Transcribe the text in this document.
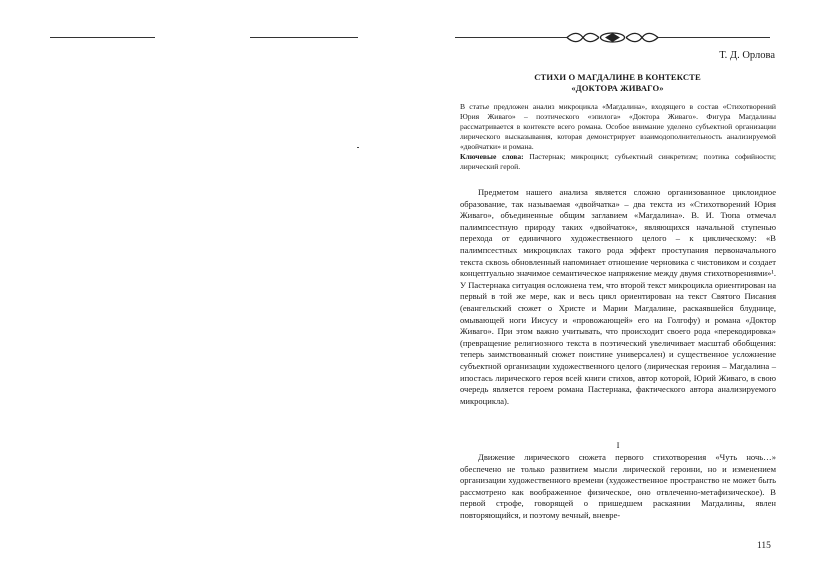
Т. Д. Орлова
СТИХИ О МАГДАЛИНЕ В КОНТЕКСТЕ
«ДОКТОРА ЖИВАГО»

В статье предложен анализ микроцикла «Магдалина», входящего в состав «Стихотворений Юрия Живаго» – поэтического «эпилога» «Доктора Живаго». Фигура Магдалины рассматривается в контексте всего романа. Особое внимание уделено субъектной организации лирического высказывания, которая демонстрирует взаимодополнительность анализируемой «двойчатки» и романа.

Ключевые слова: Пастернак; микроцикл; субъектный синкретизм; поэтика софийности; лирический герой.

Предметом нашего анализа является сложно организованное циклоидное образование, так называемая «двойчатка» – два текста из «Стихотворений Юрия Живаго», объединенные общим заглавием «Магдалина». В. И. Тюпа отмечал палимпсестную природу таких «двойчаток», являющихся начальной ступенью перехода от единичного художественного целого – к циклическому: «В палимпсестных микроциклах такого рода эффект проступания первоначального текста сквозь обновленный напоминает отношение черновика с чистовиком и создает концептуально значимое семантическое напряжение между двумя стихотворениями»¹. У Пастернака ситуация осложнена тем, что второй текст микроцикла ориентирован на первый в той же мере, как и весь цикл ориентирован на текст Святого Писания (евангельский сюжет о Христе и Марии Магдалине, раскаявшейся блуднице, омывающей ноги Иисусу и «провожающей» его на Голгофу) и романа «Доктор Живаго». При этом важно учитывать, что происходит своего рода «перекодировка» (превращение религиозного текста в поэтический увеличивает масштаб обобщения: теперь заимствованный сюжет поистине универсален) и существенное усложнение субъектной организации художественного целого (лирическая героиня – Магдалина – ипостась лирического героя всей книги стихов, автор которой, Юрий Живаго, в свою очередь является героем романа Пастернака, фактического автора анализируемого микроцикла).

I

Движение лирического сюжета первого стихотворения «Чуть ночь…» обеспечено не только развитием мысли лирической героини, но и изменением организации художественного времени (художественное пространство не может быть рассмотрено как воображенное физическое, оно отвлеченно-метафизическое). В первой строфе, говорящей о пришедшем раскаянии Магдалины, явлен повторяющийся, и поэтому вечный, вневре-

115
